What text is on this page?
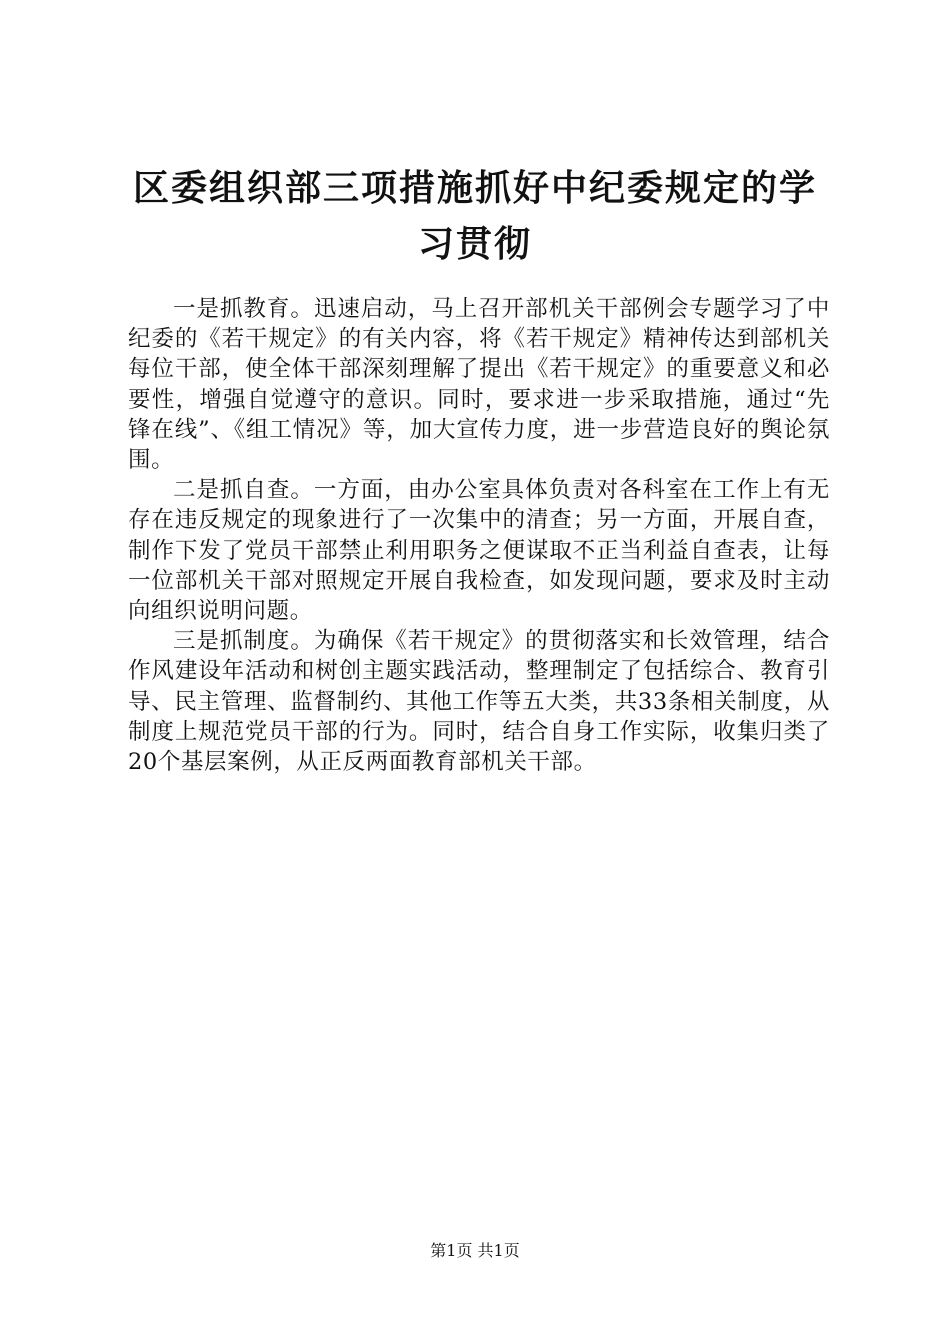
区委组织部三项措施抓好中纪委规定的学习贯彻

一是抓教育。迅速启动，马上召开部机关干部例会专题学习了中纪委的《若干规定》的有关内容，将《若干规定》精神传达到部机关每位干部，使全体干部深刻理解了提出《若干规定》的重要意义和必要性，增强自觉遵守的意识。同时，要求进一步采取措施，通过“先锋在线”、《组工情况》等，加大宣传力度，进一步营造良好的舆论氛围。

二是抓自查。一方面，由办公室具体负责对各科室在工作上有无存在违反规定的现象进行了一次集中的清查；另一方面，开展自查，制作下发了党员干部禁止利用职务之便谋取不正当利益自查表，让每一位部机关干部对照规定开展自我检查，如发现问题，要求及时主动向组织说明问题。

三是抓制度。为确保《若干规定》的贯彻落实和长效管理，结合作风建设年活动和树创主题实践活动，整理制定了包括综合、教育引导、民主管理、监督制约、其他工作等五大类，共33条相关制度，从制度上规范党员干部的行为。同时，结合自身工作实际，收集归类了20个基层案例，从正反两面教育部机关干部。

第1页 共1页
